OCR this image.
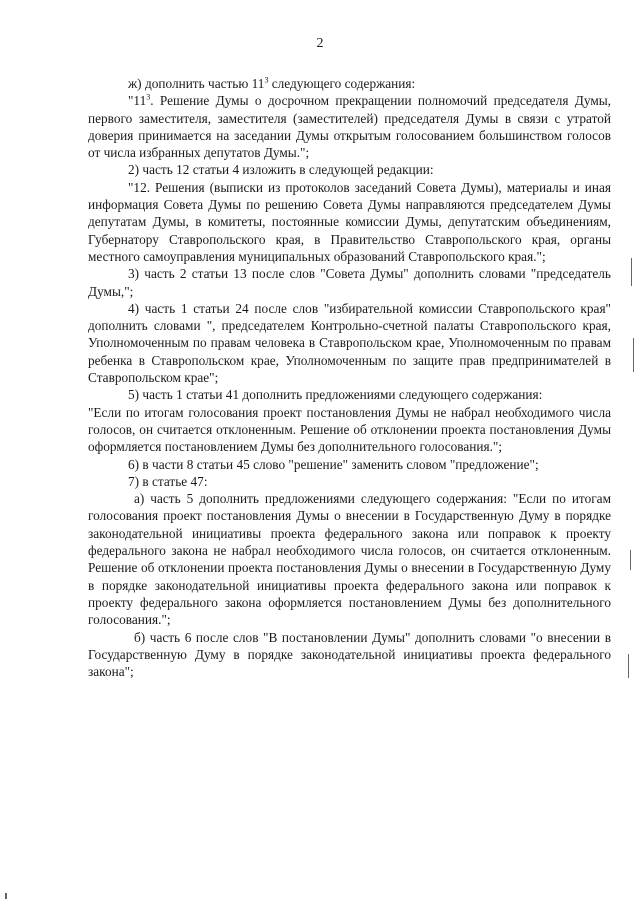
2

ж) дополнить частью $11^3$ следующего содержания:

"$11^3$. Решение Думы о досрочном прекращении полномочий председателя Думы, первого заместителя, заместителя (заместителей) председателя Думы в связи с утратой доверия принимается на заседании Думы открытым голосованием большинством голосов от числа избранных депутатов Думы.";

2) часть 12 статьи 4 изложить в следующей редакции:

"12. Решения (выписки из протоколов заседаний Совета Думы), материалы и иная информация Совета Думы по решению Совета Думы направляются председателем Думы депутатам Думы, в комитеты, постоянные комиссии Думы, депутатским объединениям, Губернатору Ставропольского края, в Правительство Ставропольского края, органы местного самоуправления муниципальных образований Ставропольского края.";

3) часть 2 статьи 13 после слов "Совета Думы" дополнить словами "председатель Думы,";

4) часть 1 статьи 24 после слов "избирательной комиссии Ставропольского края" дополнить словами ", председателем Контрольно-счетной палаты Ставропольского края, Уполномоченным по правам человека в Ставропольском крае, Уполномоченным по правам ребенка в Ставропольском крае, Уполномоченным по защите прав предпринимателей в Ставропольском крае";

5) часть 1 статьи 41 дополнить предложениями следующего содержания:

"Если по итогам голосования проект постановления Думы не набрал необходимого числа голосов, он считается отклоненным. Решение об отклонении проекта постановления Думы оформляется постановлением Думы без дополнительного голосования.";

6) в части 8 статьи 45 слово "решение" заменить словом "предложение";

7) в статье 47:

а) часть 5 дополнить предложениями следующего содержания: "Если по итогам голосования проект постановления Думы о внесении в Государственную Думу в порядке законодательной инициативы проекта федерального закона или поправок к проекту федерального закона не набрал необходимого числа голосов, он считается отклоненным. Решение об отклонении проекта постановления Думы о внесении в Государственную Думу в порядке законодательной инициативы проекта федерального закона или поправок к проекту федерального закона оформляется постановлением Думы без дополнительного голосования.";

б) часть 6 после слов "В постановлении Думы" дополнить словами "о внесении в Государственную Думу в порядке законодательной инициативы проекта федерального закона";
